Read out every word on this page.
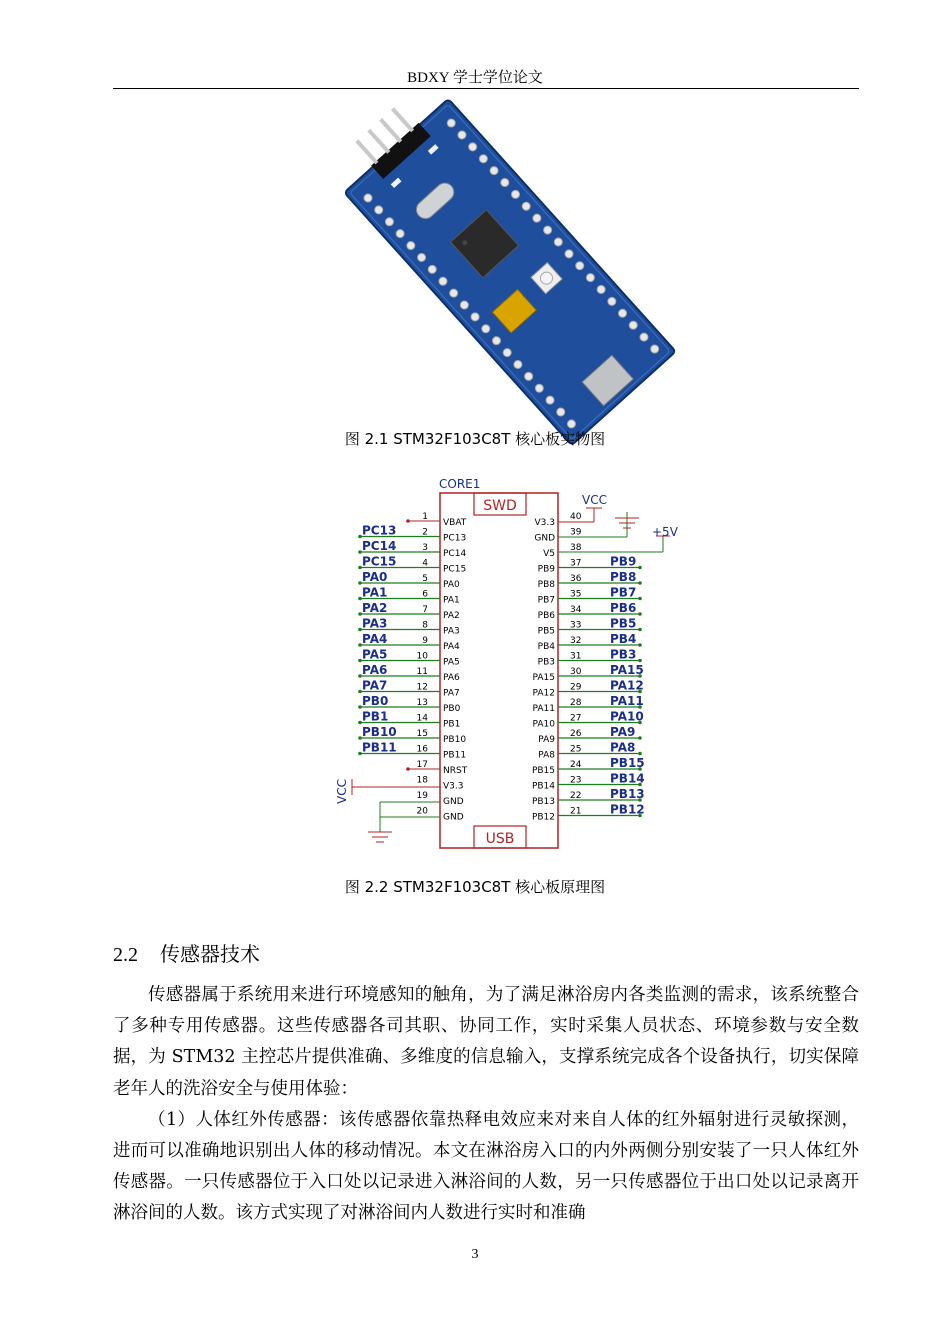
BDXY 学士学位论文
图 2.1 STM32F103C8T 核心板实物图
CORE1
SWD
USB
1
VBAT
2
PC13
PC13
3
PC14
PC14
4
PC15
PC15
5
PA0
PA0
6
PA1
PA1
7
PA2
PA2
8
PA3
PA3
9
PA4
PA4
10
PA5
PA5
11
PA6
PA6
12
PA7
PA7
13
PB0
PB0
14
PB1
PB1
15
PB10
PB10
16
PB11
PB11
17
NRST
18
V3.3
19
GND
20
GND
40
V3.3
39
GND
38
V5
37
PB9
PB9
36
PB8
PB8
35
PB7
PB7
34
PB6
PB6
33
PB5
PB5
32
PB4
PB4
31
PB3
PB3
30
PA15
PA15
29
PA12
PA12
28
PA11
PA11
27
PA10
PA10
26
PA9
PA9
25
PA8
PA8
24
PB15
PB15
23
PB14
PB14
22
PB13
PB13
21
PB12
PB12
VCC
+5V
VCC
图 2.2 STM32F103C8T 核心板原理图
2.2 传感器技术

传感器属于系统用来进行环境感知的触角，为了满足淋浴房内各类监测的需求，该系统整合了多种专用传感器。这些传感器各司其职、协同工作，实时采集人员状态、环境参数与安全数据，为 STM32 主控芯片提供准确、多维度的信息输入，支撑系统完成各个设备执行，切实保障老年人的洗浴安全与使用体验：

（1）人体红外传感器：该传感器依靠热释电效应来对来自人体的红外辐射进行灵敏探测，进而可以准确地识别出人体的移动情况。本文在淋浴房入口的内外两侧分别安装了一只人体红外传感器。一只传感器位于入口处以记录进入淋浴间的人数，另一只传感器位于出口处以记录离开淋浴间的人数。该方式实现了对淋浴间内人数进行实时和准确

3
